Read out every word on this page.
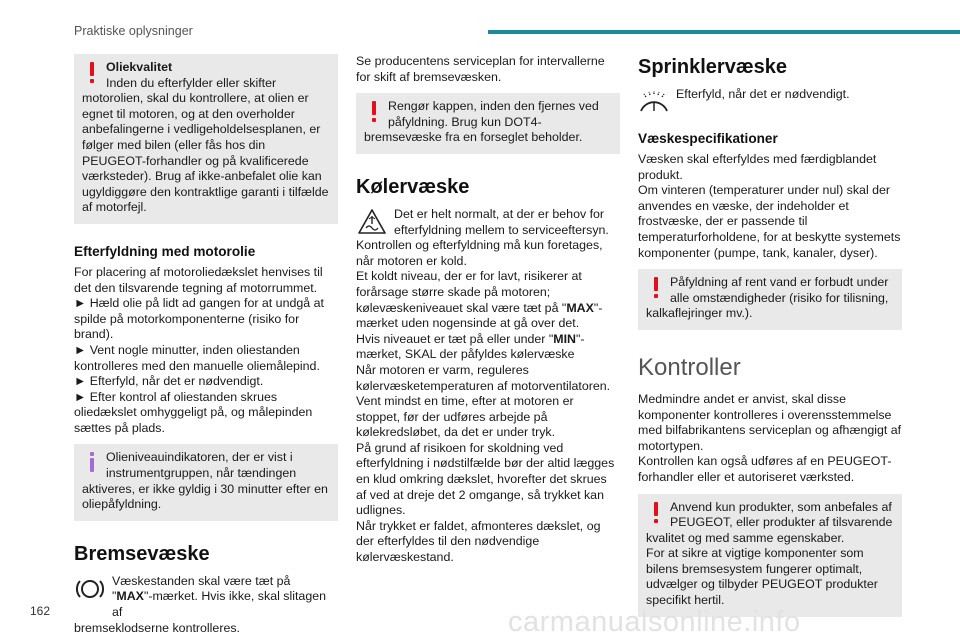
Praktiske oplysninger

Oliekvalitet

Inden du efterfylder eller skifter

motorolien, skal du kontrollere, at olien er egnet til motoren, og at den overholder anbefalingerne i vedligeholdelsesplanen, er følger med bilen (eller fås hos din PEUGEOT-forhandler og på kvalificerede værksteder). Brug af ikke-anbefalet olie kan ugyldiggøre den kontraktlige garanti i tilfælde af motorfejl.

Efterfyldning med motorolie

For placering af motoroliedækslet henvises til det den tilsvarende tegning af motorrummet.

► Hæld olie på lidt ad gangen for at undgå at spilde på motorkomponenterne (risiko for brand).

► Vent nogle minutter, inden oliestanden kontrolleres med den manuelle oliemålepind.

► Efterfyld, når det er nødvendigt.

► Efter kontrol af oliestanden skrues oliedækslet omhyggeligt på, og målepinden sættes på plads.

Olieniveauindikatoren, der er vist i

instrumentgruppen, når tændingen

aktiveres, er ikke gyldig i 30 minutter efter en oliepåfyldning.

Bremsevæske

Væskestanden skal være tæt på

"MAX"-mærket. Hvis ikke, skal slitagen af

bremseklodserne kontrolleres.

Se producentens serviceplan for intervallerne for skift af bremsevæsken.

Rengør kappen, inden den fjernes ved

påfyldning. Brug kun DOT4-

bremsevæske fra en forseglet beholder.

Kølervæske

Det er helt normalt, at der er behov for

efterfyldning mellem to serviceeftersyn.

Kontrollen og efterfyldning må kun foretages, når motoren er kold.

Et koldt niveau, der er for lavt, risikerer at forårsage større skade på motoren; kølevæskeniveauet skal være tæt på "MAX"-mærket uden nogensinde at gå over det.

Hvis niveauet er tæt på eller under "MIN"-mærket, SKAL der påfyldes kølervæske

Når motoren er varm, reguleres kølervæsketemperaturen af motorventilatoren. Vent mindst en time, efter at motoren er stoppet, før der udføres arbejde på kølekredsløbet, da det er under tryk.

På grund af risikoen for skoldning ved efterfyldning i nødstilfælde bør der altid lægges en klud omkring dækslet, hvorefter det skrues af ved at dreje det 2 omgange, så trykket kan udlignes.

Når trykket er faldet, afmonteres dækslet, og der efterfyldes til den nødvendige kølervæskestand.

Sprinklervæske

Efterfyld, når det er nødvendigt.

Væskespecifikationer

Væsken skal efterfyldes med færdigblandet produkt.

Om vinteren (temperaturer under nul) skal der anvendes en væske, der indeholder et frostvæske, der er passende til temperaturforholdene, for at beskytte systemets komponenter (pumpe, tank, kanaler, dyser).

Påfyldning af rent vand er forbudt under

alle omstændigheder (risiko for tilisning,

kalkaflejringer mv.).

Kontroller

Medmindre andet er anvist, skal disse komponenter kontrolleres i overensstemmelse med bilfabrikantens serviceplan og afhængigt af motortypen.

Kontrollen kan også udføres af en PEUGEOT-forhandler eller et autoriseret værksted.

Anvend kun produkter, som anbefales af

PEUGEOT, eller produkter af tilsvarende

kvalitet og med samme egenskaber.

For at sikre at vigtige komponenter som bilens bremsesystem fungerer optimalt, udvælger og tilbyder PEUGEOT produkter specifikt hertil.

162	carmanualsonline.info
